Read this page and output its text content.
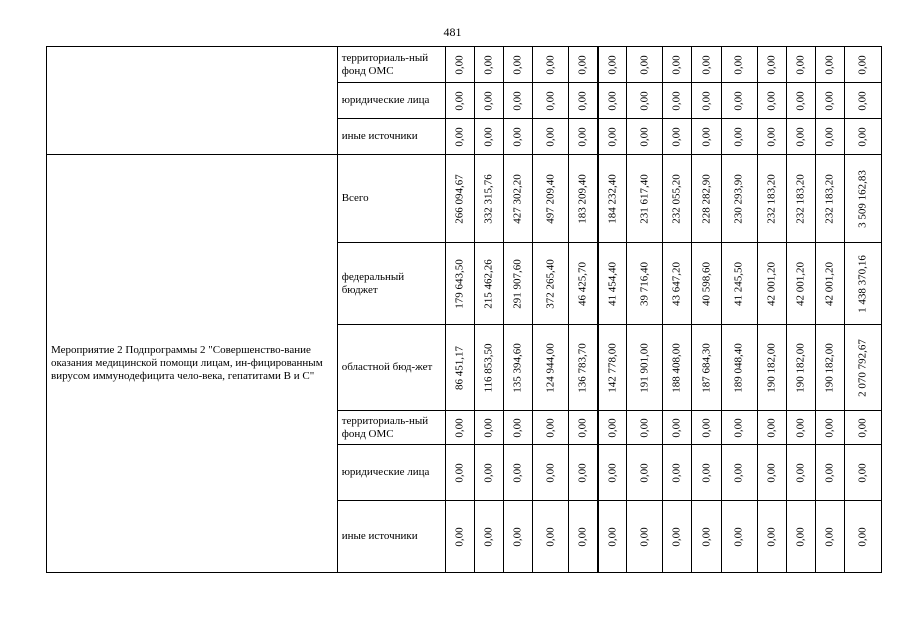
481
	территориаль-ный фонд ОМС	0,00	0,00	0,00	0,00	0,00	0,00	0,00	0,00	0,00	0,00	0,00	0,00	0,00	0,00

	юридические лица	0,00	0,00	0,00	0,00	0,00	0,00	0,00	0,00	0,00	0,00	0,00	0,00	0,00	0,00

	иные источники	0,00	0,00	0,00	0,00	0,00	0,00	0,00	0,00	0,00	0,00	0,00	0,00	0,00	0,00

Мероприятие 2 Подпрограммы 2 "Совершенство-вание оказания медицинской помощи лицам, ин-фицированным вирусом иммунодефицита чело-века, гепатитами В и С"	Всего	266 094,67	332 315,76	427 302,20	497 209,40	183 209,40	184 232,40	231 617,40	232 055,20	228 282,90	230 293,90	232 183,20	232 183,20	232 183,20	3 509 162,83

	федеральный бюджет	179 643,50	215 462,26	291 907,60	372 265,40	46 425,70	41 454,40	39 716,40	43 647,20	40 598,60	41 245,50	42 001,20	42 001,20	42 001,20	1 438 370,16

	областной бюд-жет	86 451,17	116 853,50	135 394,60	124 944,00	136 783,70	142 778,00	191 901,00	188 408,00	187 684,30	189 048,40	190 182,00	190 182,00	190 182,00	2 070 792,67

	территориаль-ный фонд ОМС	0,00	0,00	0,00	0,00	0,00	0,00	0,00	0,00	0,00	0,00	0,00	0,00	0,00	0,00

	юридические лица	0,00	0,00	0,00	0,00	0,00	0,00	0,00	0,00	0,00	0,00	0,00	0,00	0,00	0,00

	иные источники	0,00	0,00	0,00	0,00	0,00	0,00	0,00	0,00	0,00	0,00	0,00	0,00	0,00	0,00
